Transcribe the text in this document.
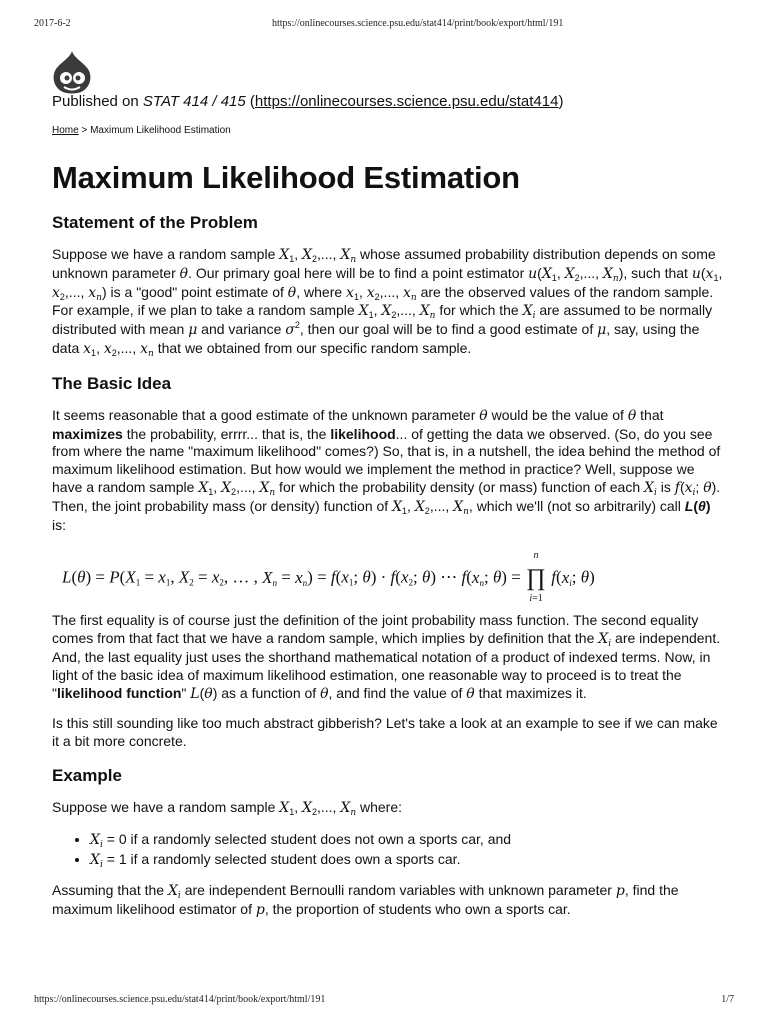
2017-6-2	https://onlinecourses.science.psu.edu/stat414/print/book/export/html/191
Published on STAT 414 / 415 (https://onlinecourses.science.psu.edu/stat414)
Home > Maximum Likelihood Estimation
Maximum Likelihood Estimation
Statement of the Problem

Suppose we have a random sample $X_1$, $X_2$,..., $X_n$ whose assumed probability distribution depends on some unknown parameter θ. Our primary goal here will be to find a point estimator $u(X_1$, $X_2$,..., $X_n$), such that $u(x_1$, $x_2$,..., $x_n$) is a "good" point estimate of θ, where $x_1$, $x_2$,..., $x_n$ are the observed values of the random sample. For example, if we plan to take a random sample $X_1$, $X_2$,..., $X_n$ for which the $X_i$ are assumed to be normally distributed with mean μ and variance $\sigma^2$, then our goal will be to find a good estimate of μ, say, using the data $x_1$, $x_2$,..., $x_n$ that we obtained from our specific random sample.

The Basic Idea

It seems reasonable that a good estimate of the unknown parameter θ would be the value of θ that maximizes the probability, errrr... that is, the likelihood... of getting the data we observed. (So, do you see from where the name "maximum likelihood" comes?) So, that is, in a nutshell, the idea behind the method of maximum likelihood estimation. But how would we implement the method in practice? Well, suppose we have a random sample $X_1$, $X_2$,..., $X_n$ for which the probability density (or mass) function of each $X_i$ is $f(x_i$; θ). Then, the joint probability mass (or density) function of $X_1$, $X_2$,..., $X_n$, which we'll (not so arbitrarily) call L(θ) is:

$L(\theta) = P(X_1 = x_1$, $X_2 = x_2$, … , $X_n = x_n) = f(x_1$; $\theta) \cdot f(x_2$; θ) ⋯ $f(x_n$; θ) =
n
∏
i=1
$f(x_i$; θ)

The first equality is of course just the definition of the joint probability mass function. The second equality comes from that fact that we have a random sample, which implies by definition that the $X_i$ are independent. And, the last equality just uses the shorthand mathematical notation of a product of indexed terms. Now, in light of the basic idea of maximum likelihood estimation, one reasonable way to proceed is to treat the "likelihood function" L(θ) as a function of θ, and find the value of θ that maximizes it.

Is this still sounding like too much abstract gibberish? Let's take a look at an example to see if we can make it a bit more concrete.

Example

Suppose we have a random sample $X_1$, $X_2$,..., $X_n$ where:

• $X_i = 0$ if a randomly selected student does not own a sports car, and
• $X_i = 1$ if a randomly selected student does own a sports car.

Assuming that the $X_i$ are independent Bernoulli random variables with unknown parameter p, find the maximum likelihood estimator of p, the proportion of students who own a sports car.

https://onlinecourses.science.psu.edu/stat414/print/book/export/html/191	1/7
